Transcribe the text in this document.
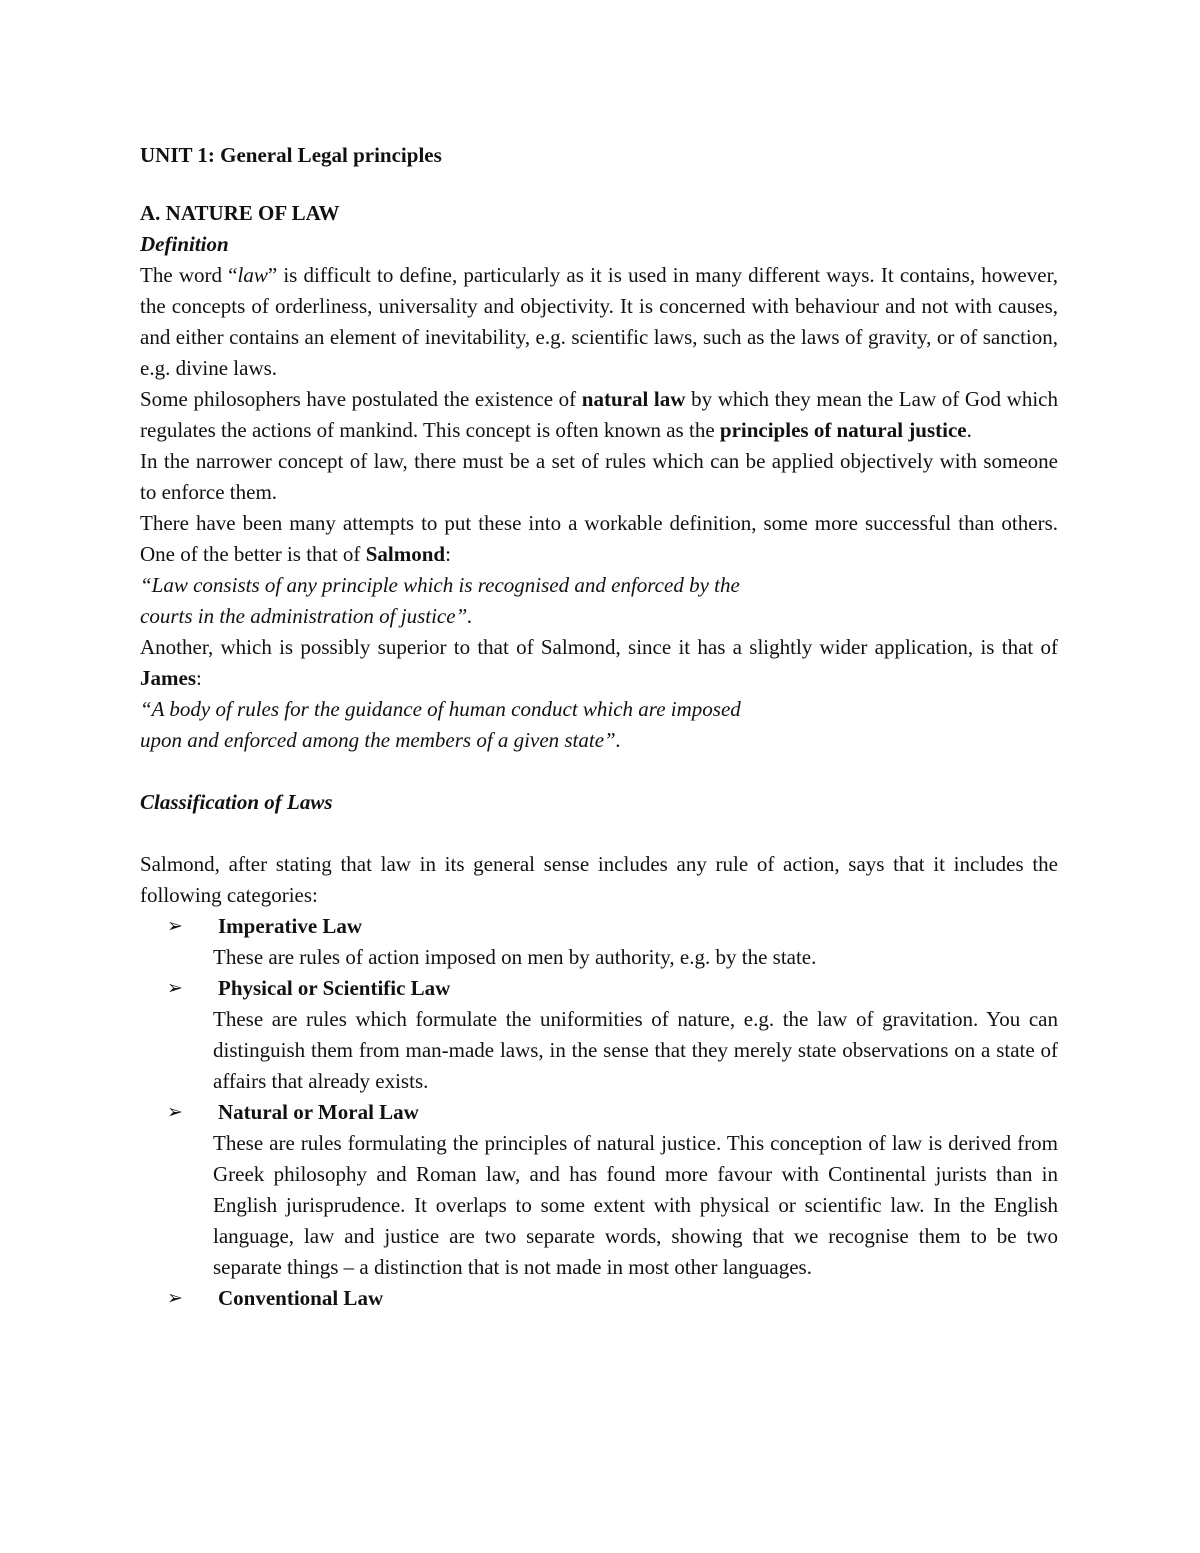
UNIT 1: General Legal principles
A. NATURE OF LAW
Definition
The word “law” is difficult to define, particularly as it is used in many different ways. It contains, however, the concepts of orderliness, universality and objectivity. It is concerned with behaviour and not with causes, and either contains an element of inevitability, e.g. scientific laws, such as the laws of gravity, or of sanction, e.g. divine laws.
Some philosophers have postulated the existence of natural law by which they mean the Law of God which regulates the actions of mankind. This concept is often known as the principles of natural justice.
In the narrower concept of law, there must be a set of rules which can be applied objectively with someone to enforce them.
There have been many attempts to put these into a workable definition, some more successful than others. One of the better is that of Salmond:
“Law consists of any principle which is recognised and enforced by the
courts in the administration of justice”.
Another, which is possibly superior to that of Salmond, since it has a slightly wider application, is that of James:
“A body of rules for the guidance of human conduct which are imposed
upon and enforced among the members of a given state”.
Classification of Laws
Salmond, after stating that law in its general sense includes any rule of action, says that it includes the following categories:
➢	Imperative Law
These are rules of action imposed on men by authority, e.g. by the state.
➢	Physical or Scientific Law
These are rules which formulate the uniformities of nature, e.g. the law of gravitation. You can distinguish them from man-made laws, in the sense that they merely state observations on a state of affairs that already exists.
➢	Natural or Moral Law
These are rules formulating the principles of natural justice. This conception of law is derived from Greek philosophy and Roman law, and has found more favour with Continental jurists than in English jurisprudence. It overlaps to some extent with physical or scientific law. In the English language, law and justice are two separate words, showing that we recognise them to be two separate things – a distinction that is not made in most other languages.
➢	Conventional Law
